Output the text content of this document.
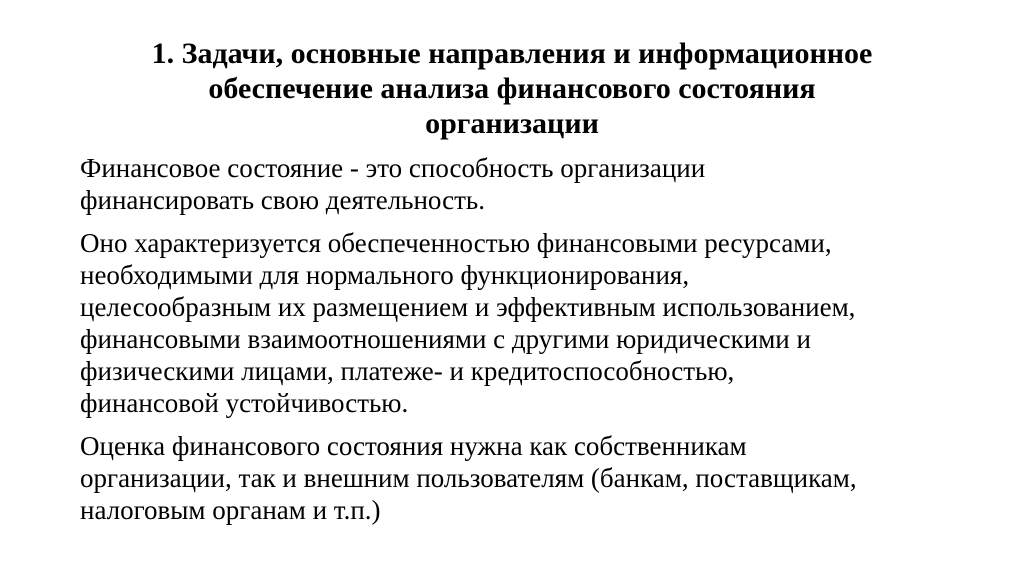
1. Задачи, основные направления и информационное
обеспечение анализа финансового состояния
организации

Финансовое состояние - это способность организации
финансировать свою деятельность.

Оно характеризуется обеспеченностью финансовыми ресурсами,
необходимыми для нормального функционирования,
целесообразным их размещением и эффективным использованием,
финансовыми взаимоотношениями с другими юридическими и
физическими лицами, платеже- и кредитоспособностью,
финансовой устойчивостью.

Оценка финансового состояния нужна как собственникам
организации, так и внешним пользователям (банкам, поставщикам,
налоговым органам и т.п.)
